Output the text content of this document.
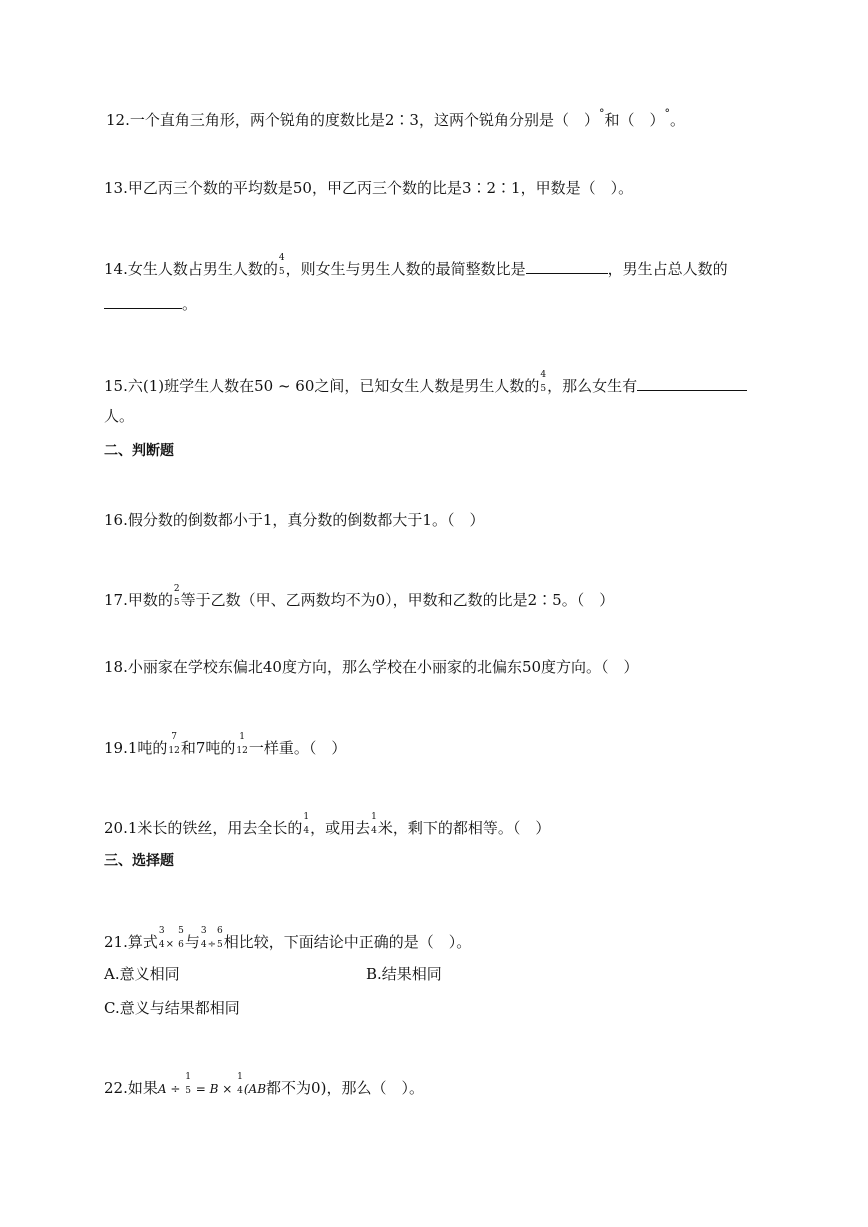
12.一个直角三角形，两个锐角的度数比是2∶3，这两个锐角分别是（　）°和（　）°。
13.甲乙丙三个数的平均数是50，甲乙丙三个数的比是3∶2∶1，甲数是（　）。
14.女生人数占男生人数的
4
5 ，则女生与男生人数的最简整数比是	，男生占总人数的
。
15.六(1)班学生人数在50 ~ 60之间，已知女生人数是男生人数的
4
5 ，那么女生有
人。
二、判断题
16.假分数的倒数都小于1，真分数的倒数都大于1。（　）
17.甲数的
2
5 等于乙数（甲、乙两数均不为0），甲数和乙数的比是2∶5。（　）
18.小丽家在学校东偏北40度方向，那么学校在小丽家的北偏东50度方向。（　）
19.1吨的
7
12 和7吨的
1
12 一样重。（　）
20.1米长的铁丝，用去全长的
1
4 ，或用去
1
4 米，剩下的都相等。（　）
三、选择题
21.算式
3
4 ×
5
6 与
3
4 ÷
6
5 相比较，下面结论中正确的是（　）。
A.意义相同	B.结果相同
C.意义与结果都相同
22.如果A ÷
1
5 = B ×
1
4 (AB都不为0)，那么（　）。
